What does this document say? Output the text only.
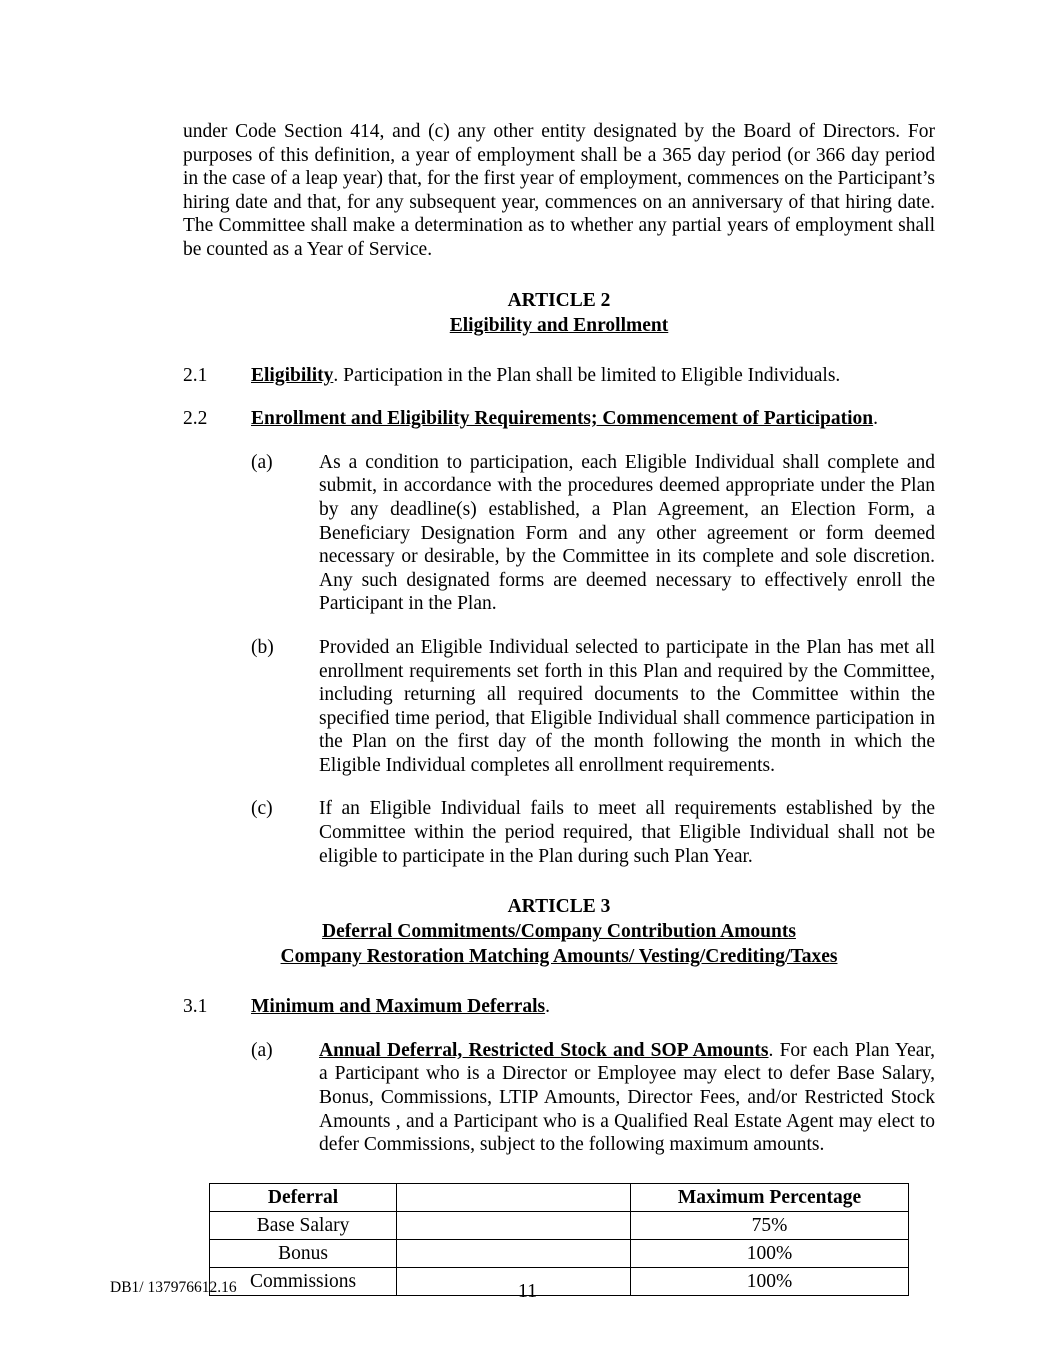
under Code Section 414, and (c) any other entity designated by the Board of Directors. For purposes of this definition, a year of employment shall be a 365 day period (or 366 day period in the case of a leap year) that, for the first year of employment, commences on the Participant’s hiring date and that, for any subsequent year, commences on an anniversary of that hiring date. The Committee shall make a determination as to whether any partial years of employment shall be counted as a Year of Service.

ARTICLE 2
Eligibility and Enrollment
2.1	Eligibility. Participation in the Plan shall be limited to Eligible Individuals.
2.2	Enrollment and Eligibility Requirements; Commencement of Participation.
(a)	As a condition to participation, each Eligible Individual shall complete and submit, in accordance with the procedures deemed appropriate under the Plan by any deadline(s) established, a Plan Agreement, an Election Form, a Beneficiary Designation Form and any other agreement or form deemed necessary or desirable, by the Committee in its complete and sole discretion. Any such designated forms are deemed necessary to effectively enroll the Participant in the Plan.
(b)	Provided an Eligible Individual selected to participate in the Plan has met all enrollment requirements set forth in this Plan and required by the Committee, including returning all required documents to the Committee within the specified time period, that Eligible Individual shall commence participation in the Plan on the first day of the month following the month in which the Eligible Individual completes all enrollment requirements.
(c)	If an Eligible Individual fails to meet all requirements established by the Committee within the period required, that Eligible Individual shall not be eligible to participate in the Plan during such Plan Year.
ARTICLE 3
Deferral Commitments/Company Contribution Amounts
Company Restoration Matching Amounts/ Vesting/Crediting/Taxes
3.1	Minimum and Maximum Deferrals.
(a)	Annual Deferral, Restricted Stock and SOP Amounts. For each Plan Year, a Participant who is a Director or Employee may elect to defer Base Salary, Bonus, Commissions, LTIP Amounts, Director Fees, and/or Restricted Stock Amounts , and a Participant who is a Qualified Real Estate Agent may elect to defer Commissions, subject to the following maximum amounts.
Deferral		Maximum Percentage
Base Salary		75%
Bonus		100%
Commissions		100%
DB1/ 137976612.16	11
